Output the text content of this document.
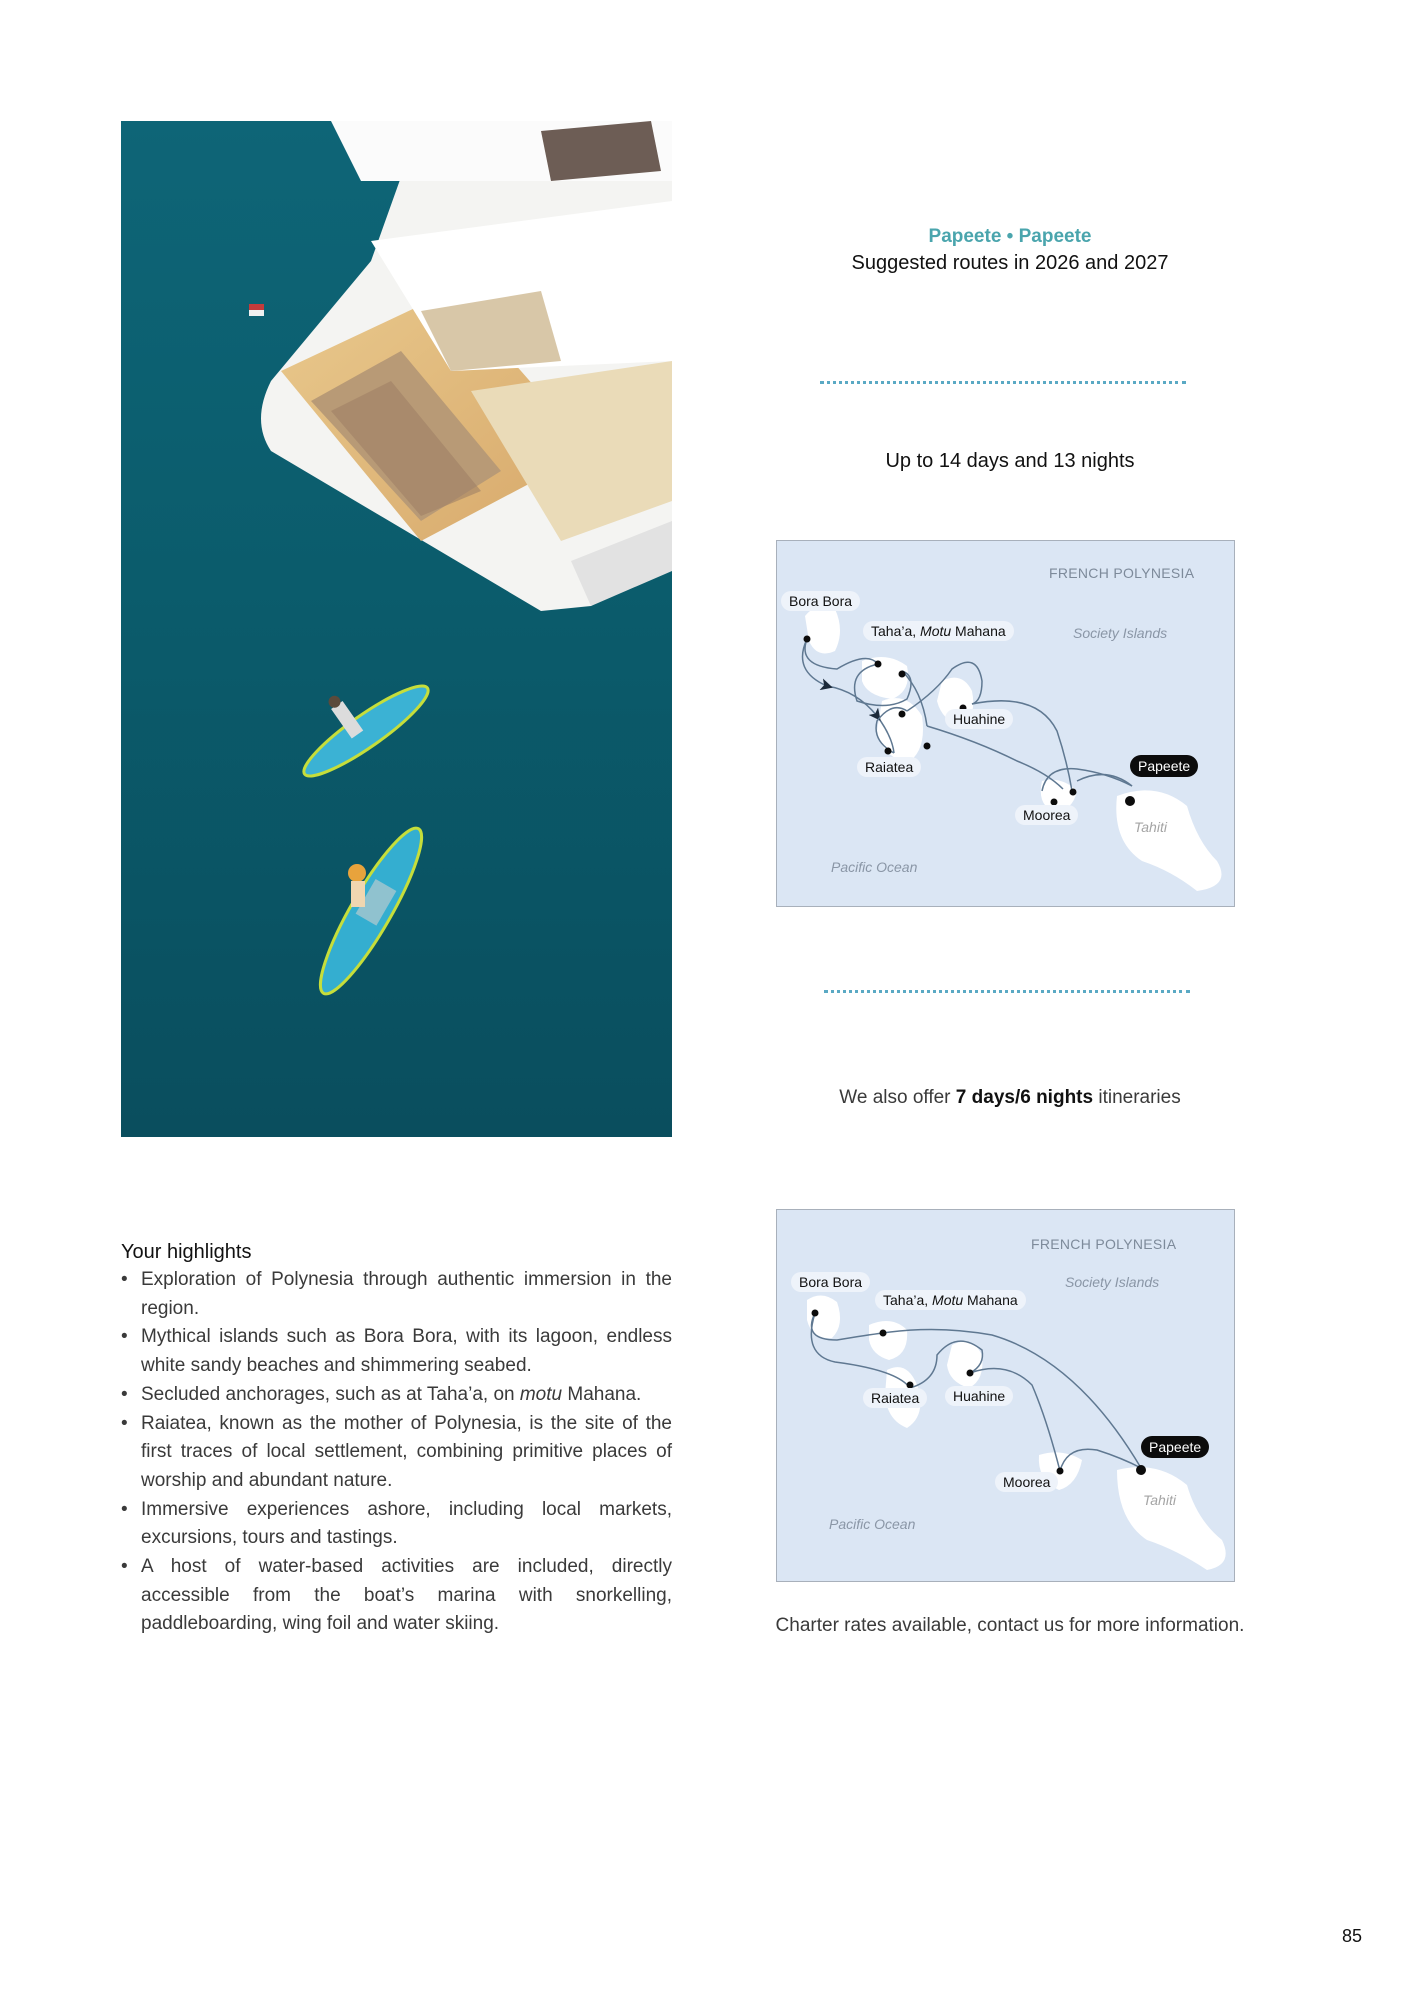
Papeete • Papeete
Suggested routes in 2026 and 2027
Up to 14 days and 13 nights
FRENCH POLYNESIA
Society Islands
Pacific Ocean
Tahiti
Bora Bora
Taha’a, Motu Mahana
Huahine
Raiatea
Moorea
Papeete
We also offer 7 days/6 nights itineraries
FRENCH POLYNESIA
Society Islands
Pacific Ocean
Tahiti
Bora Bora
Taha’a, Motu Mahana
Raiatea	Huahine
Moorea
Papeete
Charter rates available, contact us for more information.
Your highlights
• Exploration of Polynesia through authentic immersion in the region.
• Mythical islands such as Bora Bora, with its lagoon, endless white sandy beaches and shimmering seabed.
• Secluded anchorages, such as at Taha’a, on motu Mahana.
• Raiatea, known as the mother of Polynesia, is the site of the first traces of local settlement, combining primitive places of worship and abundant nature.
• Immersive experiences ashore, including local markets, excursions, tours and tastings.
• A host of water-based activities are included, directly accessible from the boat’s marina with snorkelling, paddleboarding, wing foil and water skiing.
85
